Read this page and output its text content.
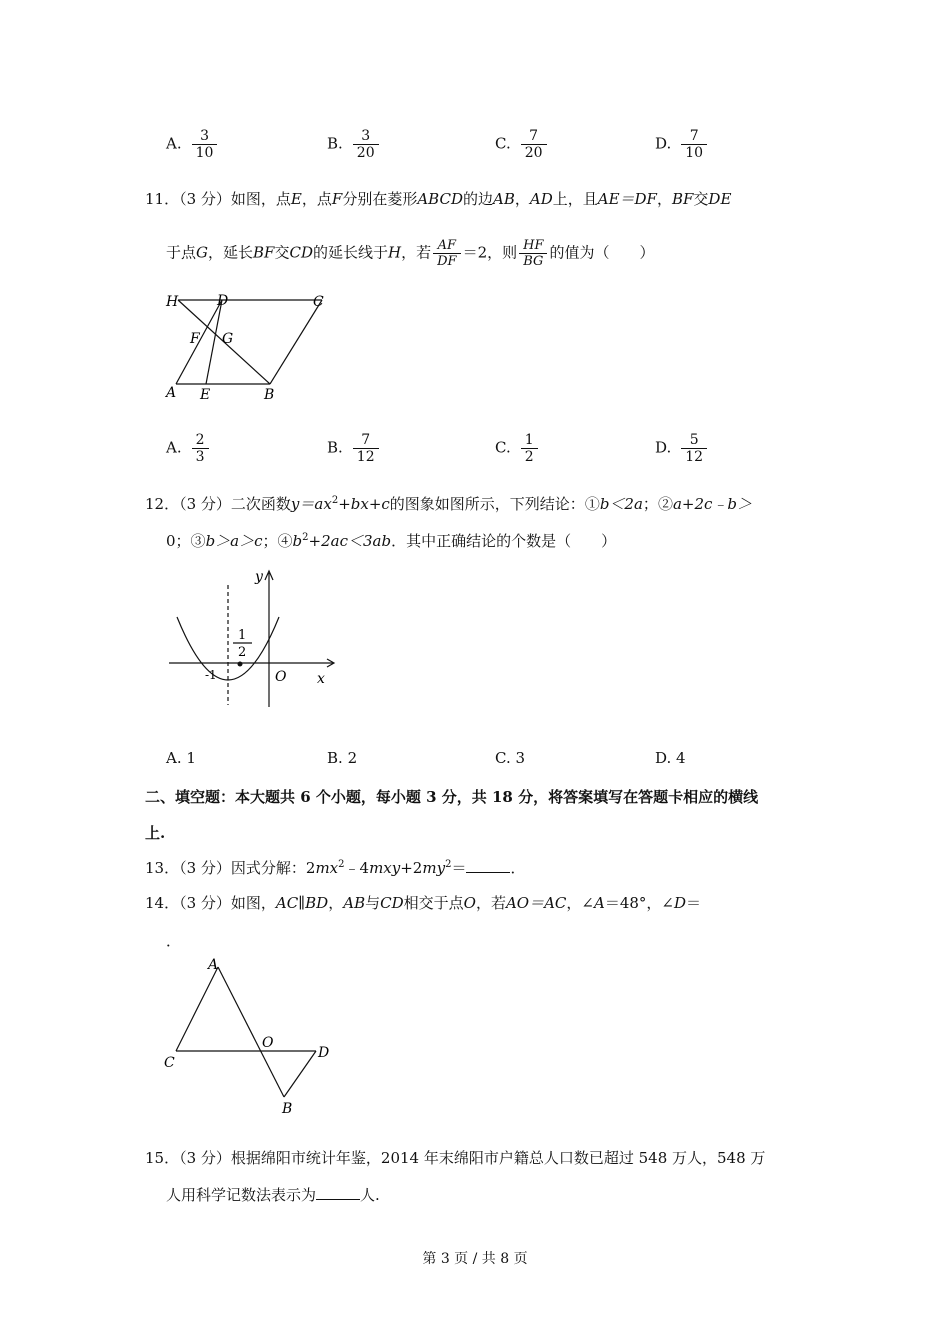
A. $\frac{3}{10}$	B. $\frac{3}{20}$	C. $\frac{7}{20}$	D. $\frac{7}{10}$
11．（3 分）如图，点E，点F分别在菱形ABCD的边AB，AD上，且AE＝DF，BF交DE
于点G，延长BF交CD的延长线于H，若 $\frac{AF}{DF} =2$，则 $\frac{HF}{BG}$ 的值为（　　）
H	D	C
F G
A E	B
A. $\frac{2}{3}$	B. $\frac{7}{12}$	C. $\frac{1}{2}$	D. $\frac{5}{12}$
12．（3 分）二次函数$y=ax^2+bx+c$的图象如图所示，下列结论：①b＜2a；②a+2c﹣b＞
0；③b＞a＞c；$④b^2+2ac<3ab$．其中正确结论的个数是（　　）
y
x
O
-1
1
2
A. 1	B. 2	C. 3	D. 4
二、填空题：本大题共 6 个小题，每小题 3 分，共 18 分，将答案填写在答题卡相应的横线
上.
13．（3 分）因式分解：$2mx^2﹣4mxy+2my^2=$	．
14．（3 分）如图，AC∥BD，AB与CD相交于点O，若AO＝AC，∠A＝48°，∠D＝
．
A
O
C
D
B
15．（3 分）根据绵阳市统计年鉴，2014 年末绵阳市户籍总人口数已超过 548 万人，548 万
人用科学记数法表示为	人.
第 3 页 / 共 8 页
